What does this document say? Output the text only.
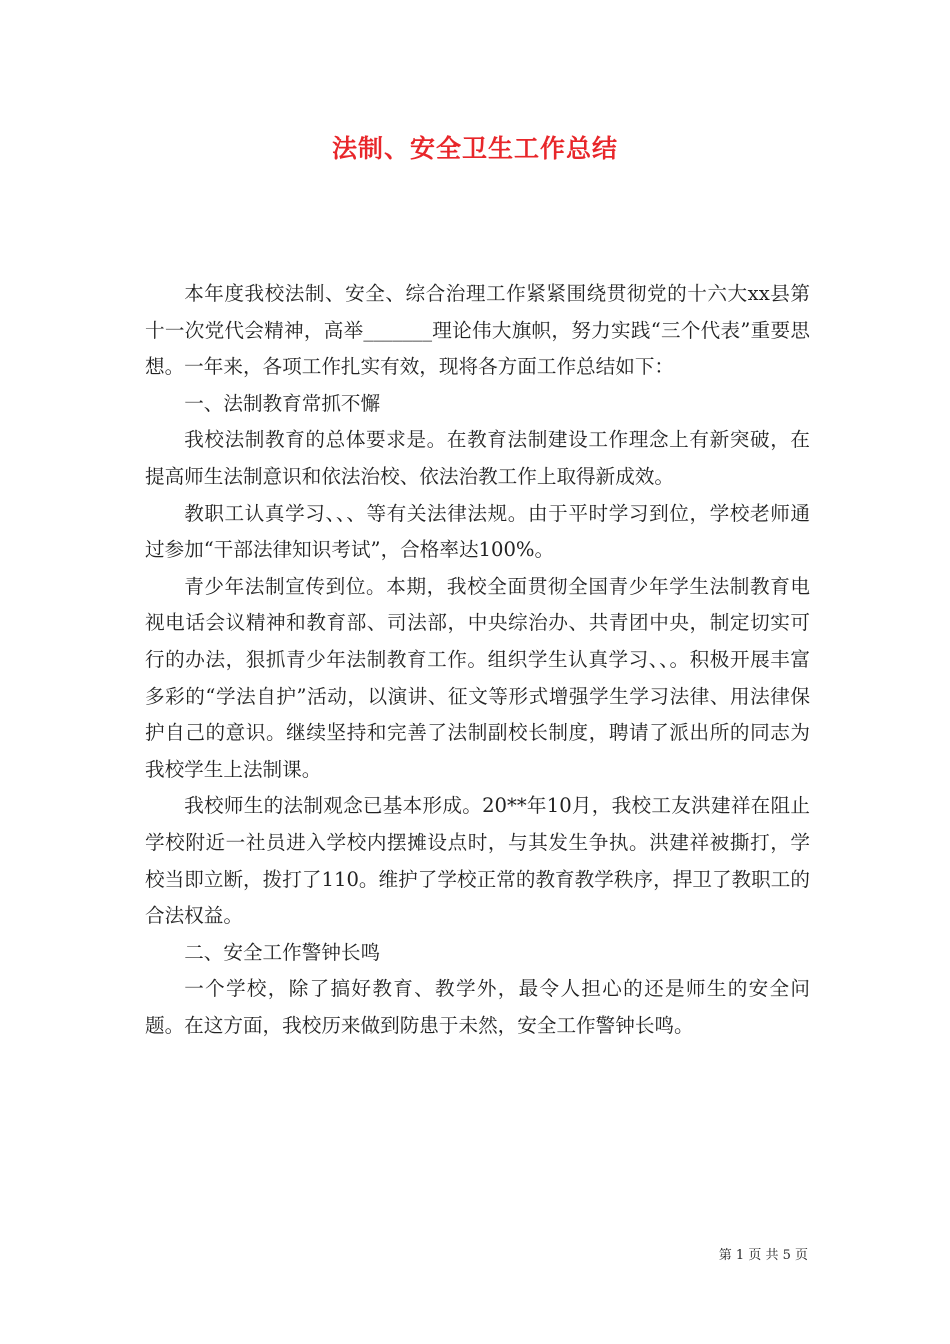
法制、安全卫生工作总结

本年度我校法制、安全、综合治理工作紧紧围绕贯彻党的十六大xx县第十一次党代会精神，高举_______理论伟大旗帜，努力实践“三个代表”重要思想。一年来，各项工作扎实有效，现将各方面工作总结如下：

一、法制教育常抓不懈

我校法制教育的总体要求是。在教育法制建设工作理念上有新突破，在提高师生法制意识和依法治校、依法治教工作上取得新成效。

教职工认真学习、、、等有关法律法规。由于平时学习到位，学校老师通过参加“干部法律知识考试”，合格率达100%。

青少年法制宣传到位。本期，我校全面贯彻全国青少年学生法制教育电视电话会议精神和教育部、司法部，中央综治办、共青团中央，制定切实可行的办法，狠抓青少年法制教育工作。组织学生认真学习、、。积极开展丰富多彩的“学法自护”活动，以演讲、征文等形式增强学生学习法律、用法律保护自己的意识。继续坚持和完善了法制副校长制度，聘请了派出所的同志为我校学生上法制课。

我校师生的法制观念已基本形成。20**年10月，我校工友洪建祥在阻止学校附近一社员进入学校内摆摊设点时，与其发生争执。洪建祥被撕打，学校当即立断，拨打了110。维护了学校正常的教育教学秩序，捍卫了教职工的合法权益。

二、安全工作警钟长鸣

一个学校，除了搞好教育、教学外，最令人担心的还是师生的安全问题。在这方面，我校历来做到防患于未然，安全工作警钟长鸣。

第 1 页 共 5 页
